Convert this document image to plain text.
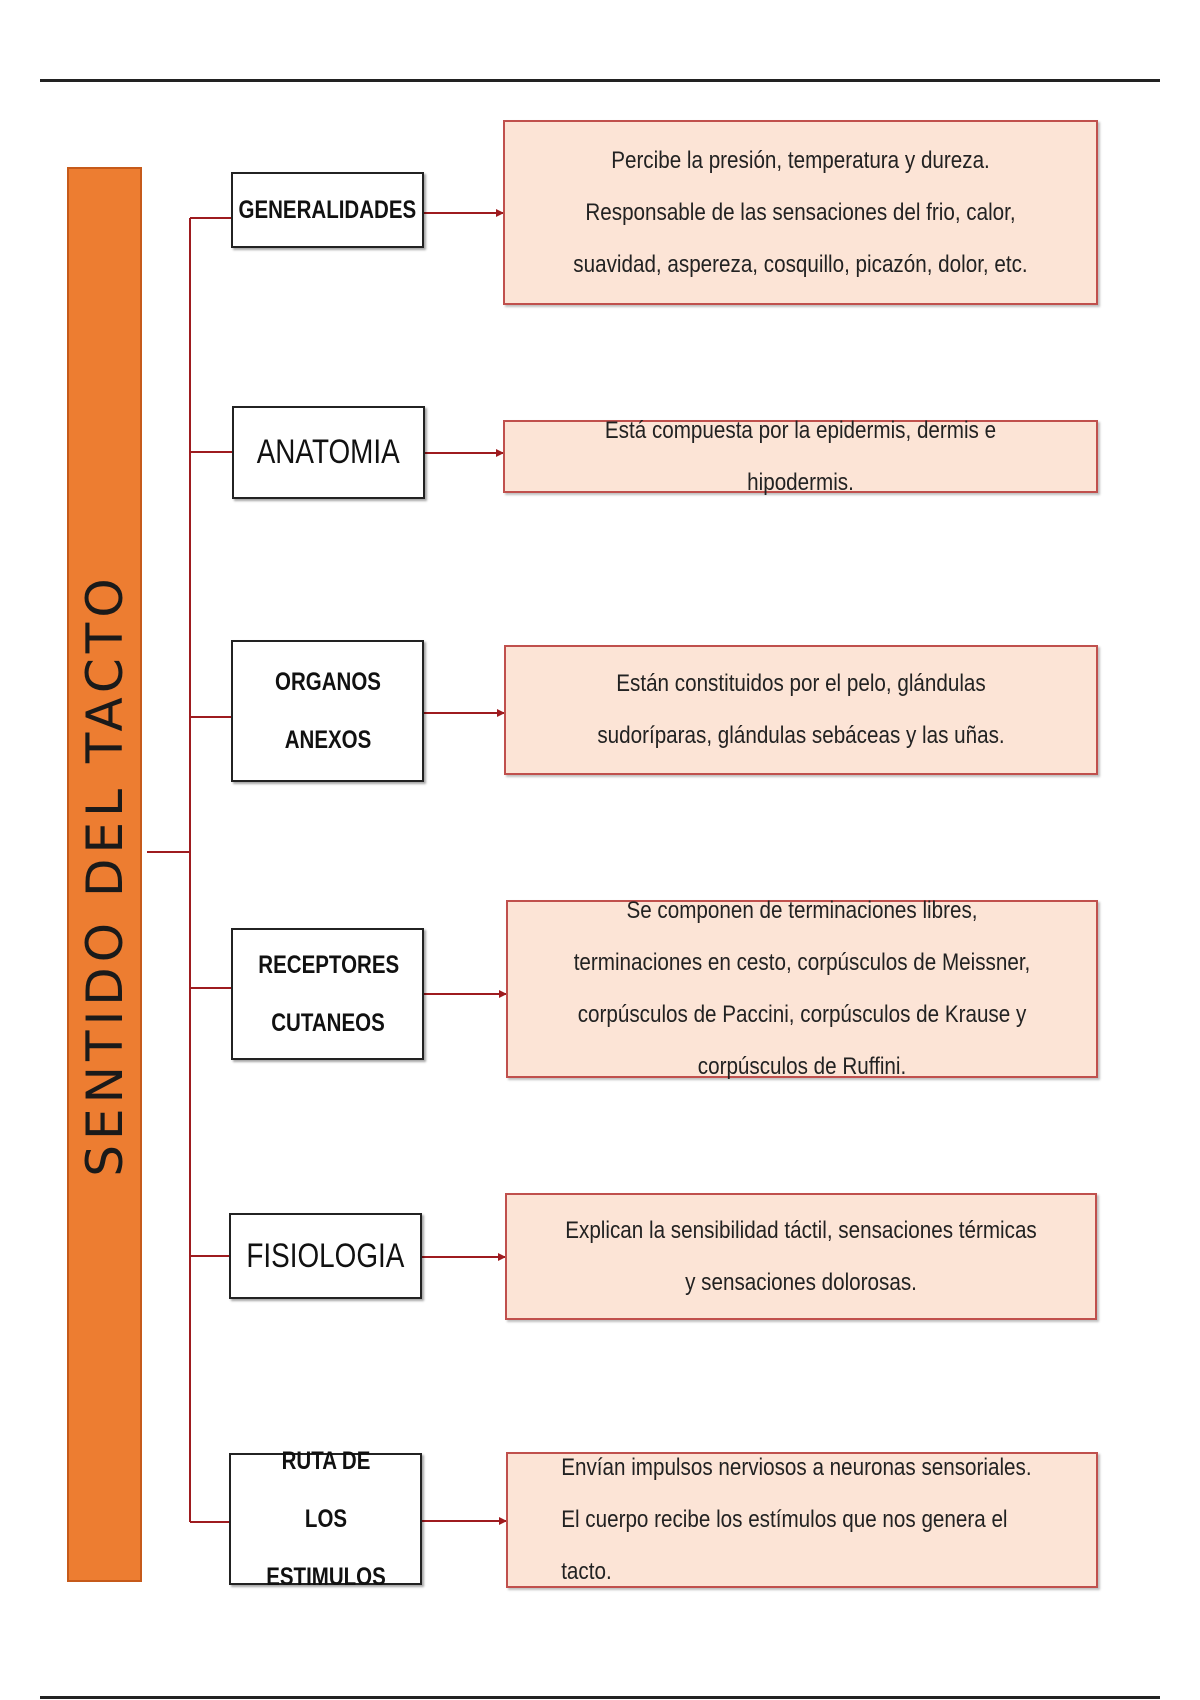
SENTIDO DEL TACTO
GENERALIDADES
ANATOMIA
ORGANOS ANEXOS
RECEPTORES CUTANEOS
FISIOLOGIA
RUTA DE LOS ESTIMULOS
Percibe la presión, temperatura y dureza. Responsable de las sensaciones del frio, calor, suavidad, aspereza, cosquillo, picazón, dolor, etc.
Está compuesta por la epidermis, dermis e hipodermis.
Están constituidos por el pelo, glándulas sudoríparas, glándulas sebáceas y las uñas.
Se componen de terminaciones libres, terminaciones en cesto, corpúsculos de Meissner, corpúsculos de Paccini, corpúsculos de Krause y corpúsculos de Ruffini.
Explican la sensibilidad táctil, sensaciones térmicas y sensaciones dolorosas.
Envían impulsos nerviosos a neuronas sensoriales. El cuerpo recibe los estímulos que nos genera el tacto.
